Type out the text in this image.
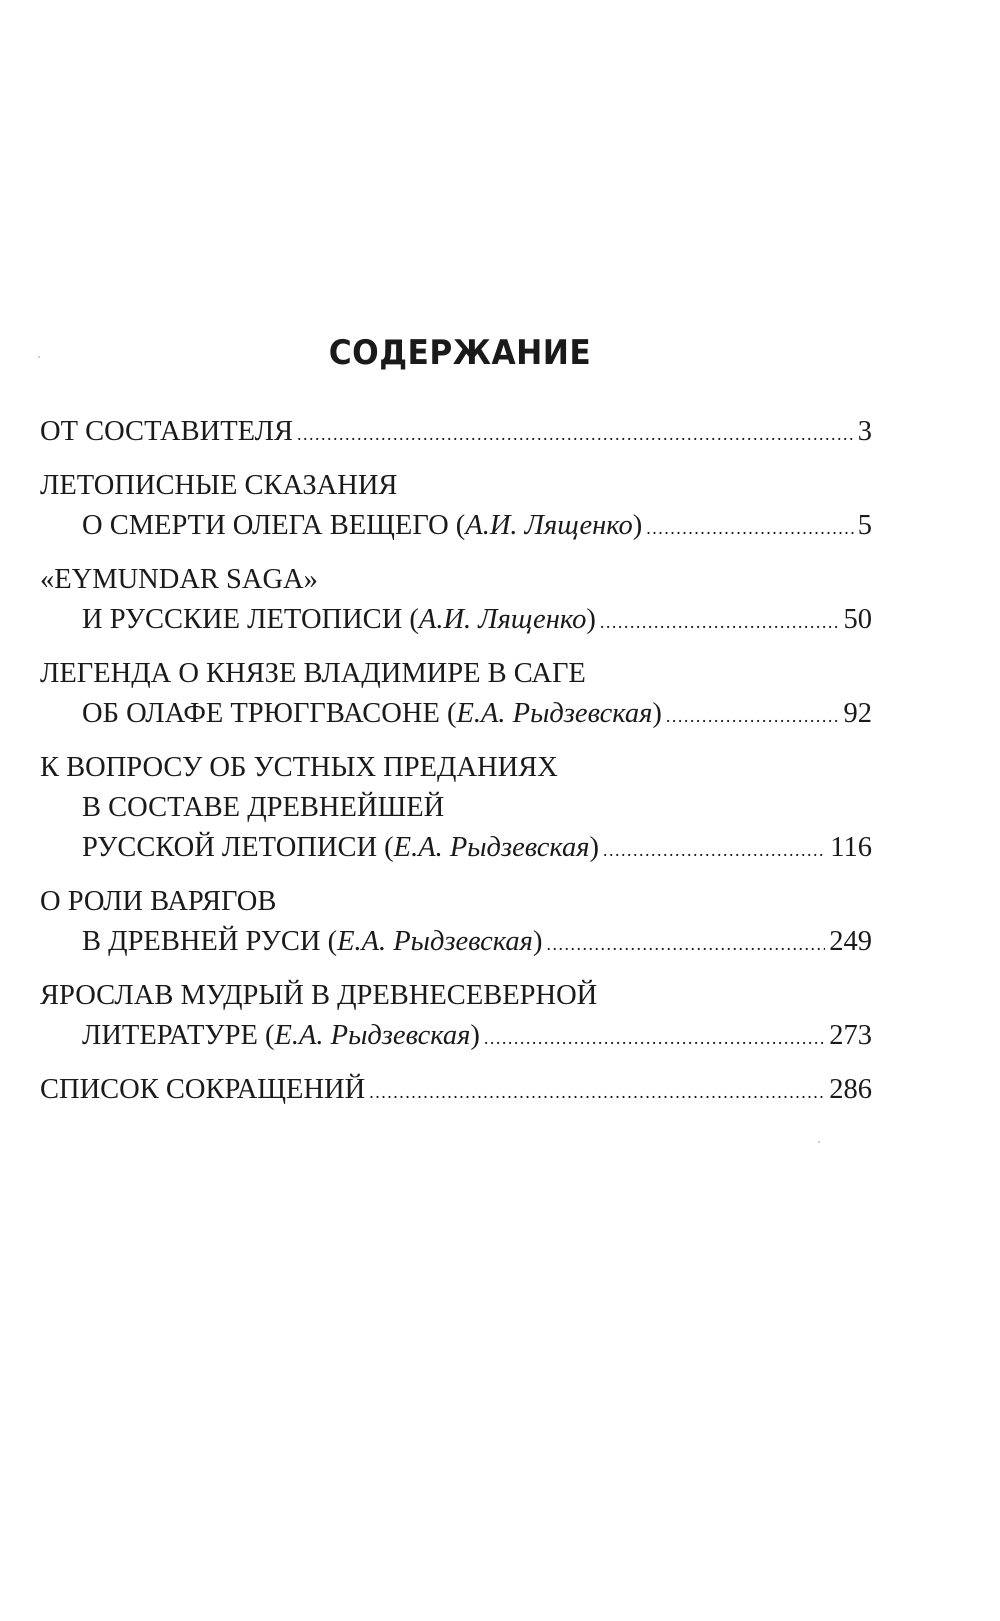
СОДЕРЖАНИЕ
ОТ СОСТАВИТЕЛЯ .....	3
ЛЕТОПИСНЫЕ СКАЗАНИЯ
О СМЕРТИ ОЛЕГА ВЕЩЕГО (А.И. Лященко) .....	5
«EYMUNDAR SAGA»
И РУССКИЕ ЛЕТОПИСИ (А.И. Лященко) .....	50
ЛЕГЕНДА О КНЯЗЕ ВЛАДИМИРЕ В САГЕ
ОБ ОЛАФЕ ТРЮГГВАСОНЕ (Е.А. Рыдзевская) .....	92
К ВОПРОСУ ОБ УСТНЫХ ПРЕДАНИЯХ
В СОСТАВЕ ДРЕВНЕЙШЕЙ
РУССКОЙ ЛЕТОПИСИ (Е.А. Рыдзевская) .....	116
О РОЛИ ВАРЯГОВ
В ДРЕВНЕЙ РУСИ (Е.А. Рыдзевская) .....	249
ЯРОСЛАВ МУДРЫЙ В ДРЕВНЕСЕВЕРНОЙ
ЛИТЕРАТУРЕ (Е.А. Рыдзевская) .....	273
СПИСОК СОКРАЩЕНИЙ .....	286
